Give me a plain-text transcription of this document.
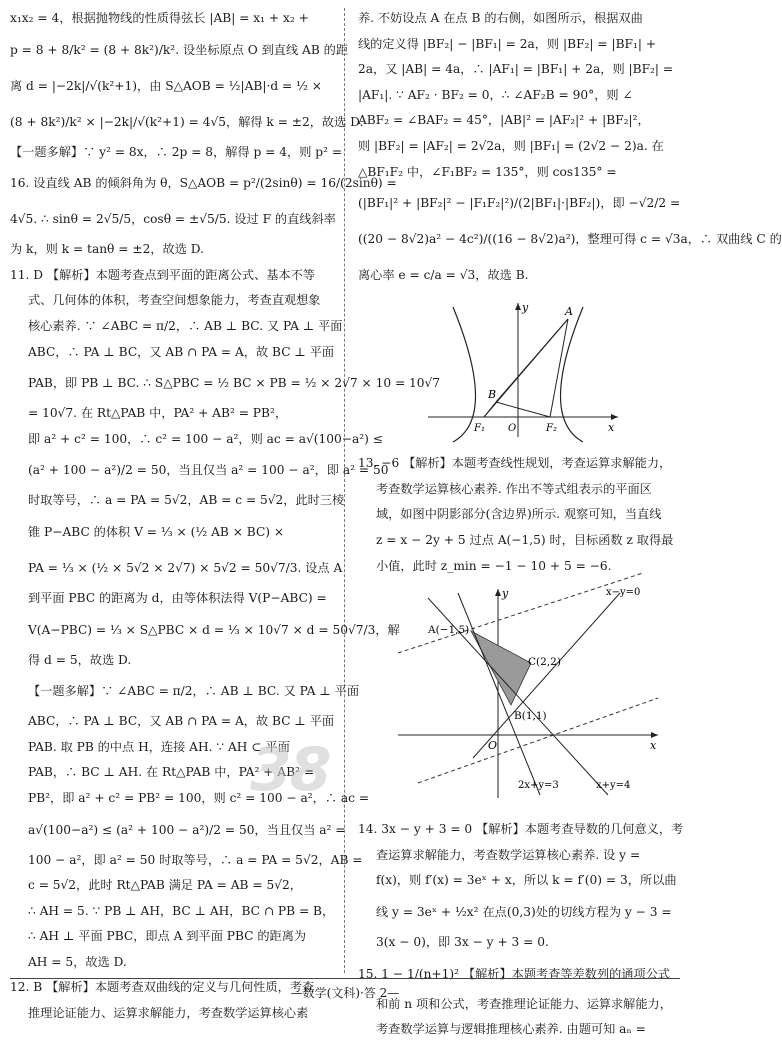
x₁x₂ = 4，根据抛物线的性质得弦长 |AB| = x₁ + x₂ +
p = 8 + 8/k² = (8 + 8k²)/k². 设坐标原点 O 到直线 AB 的距
离 d = |−2k|/√(k²+1)，由 S△AOB = ½|AB|·d = ½ ×
(8 + 8k²)/k² × |−2k|/√(k²+1) = 4√5，解得 k = ±2，故选 D.
【一题多解】∵ y² = 8x，∴ 2p = 8，解得 p = 4，则 p² =
16. 设直线 AB 的倾斜角为 θ，S△AOB = p²/(2sinθ) = 16/(2sinθ) =
4√5. ∴ sinθ = 2√5/5，cosθ = ±√5/5. 设过 F 的直线斜率
为 k，则 k = tanθ = ±2，故选 D.
11. D 【解析】本题考查点到平面的距离公式、基本不等
式、几何体的体积，考查空间想象能力，考查直观想象
核心素养. ∵ ∠ABC = π/2，∴ AB ⊥ BC. 又 PA ⊥ 平面
ABC，∴ PA ⊥ BC，又 AB ∩ PA = A，故 BC ⊥ 平面
PAB，即 PB ⊥ BC. ∴ S△PBC = ½ BC × PB = ½ × 2√7 × 10 = 10√7
= 10√7. 在 Rt△PAB 中，PA² + AB² = PB²，
即 a² + c² = 100，∴ c² = 100 − a²，则 ac = a√(100−a²) ≤
(a² + 100 − a²)/2 = 50，当且仅当 a² = 100 − a²，即 a² = 50
时取等号，∴ a = PA = 5√2，AB = c = 5√2，此时三棱
锥 P−ABC 的体积 V = ⅓ × (½ AB × BC) ×
PA = ⅓ × (½ × 5√2 × 2√7) × 5√2 = 50√7/3. 设点 A
到平面 PBC 的距离为 d，由等体积法得 V(P−ABC) =
V(A−PBC) = ⅓ × S△PBC × d = ⅓ × 10√7 × d = 50√7/3，解
得 d = 5，故选 D.
【一题多解】∵ ∠ABC = π/2，∴ AB ⊥ BC. 又 PA ⊥ 平面
ABC，∴ PA ⊥ BC，又 AB ∩ PA = A，故 BC ⊥ 平面
PAB. 取 PB 的中点 H，连接 AH. ∵ AH ⊂ 平面
PAB，∴ BC ⊥ AH. 在 Rt△PAB 中，PA² + AB² =
PB²，即 a² + c² = PB² = 100，则 c² = 100 − a²，∴ ac =
a√(100−a²) ≤ (a² + 100 − a²)/2 = 50，当且仅当 a² =
100 − a²，即 a² = 50 时取等号，∴ a = PA = 5√2，AB =
c = 5√2，此时 Rt△PAB 满足 PA = AB = 5√2，
∴ AH = 5. ∵ PB ⊥ AH，BC ⊥ AH，BC ∩ PB = B，
∴ AH ⊥ 平面 PBC，即点 A 到平面 PBC 的距离为
AH = 5，故选 D.
12. B 【解析】本题考查双曲线的定义与几何性质，考查
推理论证能力、运算求解能力，考查数学运算核心素
养. 不妨设点 A 在点 B 的右侧，如图所示，根据双曲
线的定义得 |BF₂| − |BF₁| = 2a，则 |BF₂| = |BF₁| +
2a，又 |AB| = 4a，∴ |AF₁| = |BF₁| + 2a，则 |BF₂| =
|AF₁|. ∵ AF₂ · BF₂ = 0，∴ ∠AF₂B = 90°，则 ∠
ABF₂ = ∠BAF₂ = 45°，|AB|² = |AF₂|² + |BF₂|²，
则 |BF₂| = |AF₂| = 2√2a，则 |BF₁| = (2√2 − 2)a. 在
△BF₁F₂ 中，∠F₁BF₂ = 135°，则 cos135° =
(|BF₁|² + |BF₂|² − |F₁F₂|²)/(2|BF₁|·|BF₂|)，即 −√2/2 =
((20 − 8√2)a² − 4c²)/((16 − 8√2)a²)，整理可得 c = √3a，∴ 双曲线 C 的
离心率 e = c/a = √3，故选 B.
y
x
A
B
F₁ O	F₂
13. −6 【解析】本题考查线性规划，考查运算求解能力，
考查数学运算核心素养. 作出不等式组表示的平面区
域，如图中阴影部分(含边界)所示. 观察可知，当直线
z = x − 2y + 5 过点 A(−1,5) 时，目标函数 z 取得最
小值，此时 z_min = −1 − 10 + 5 = −6.
y
x
O
A(−1,5)
C(2,2)
B(1,1)
x−y=0
2x+y=3	x+y=4
14. 3x − y + 3 = 0 【解析】本题考查导数的几何意义，考
查运算求解能力，考查数学运算核心素养. 设 y =
f(x)，则 f′(x) = 3eˣ + x，所以 k = f′(0) = 3，所以曲
线 y = 3eˣ + ½x² 在点(0,3)处的切线方程为 y − 3 =
3(x − 0)，即 3x − y + 3 = 0.
15. 1 − 1/(n+1)² 【解析】本题考查等差数列的通项公式
和前 n 项和公式，考查推理论证能力、运算求解能力，
考查数学运算与逻辑推理核心素养. 由题可知 aₙ =
38
—数学(文科)·答 2—
